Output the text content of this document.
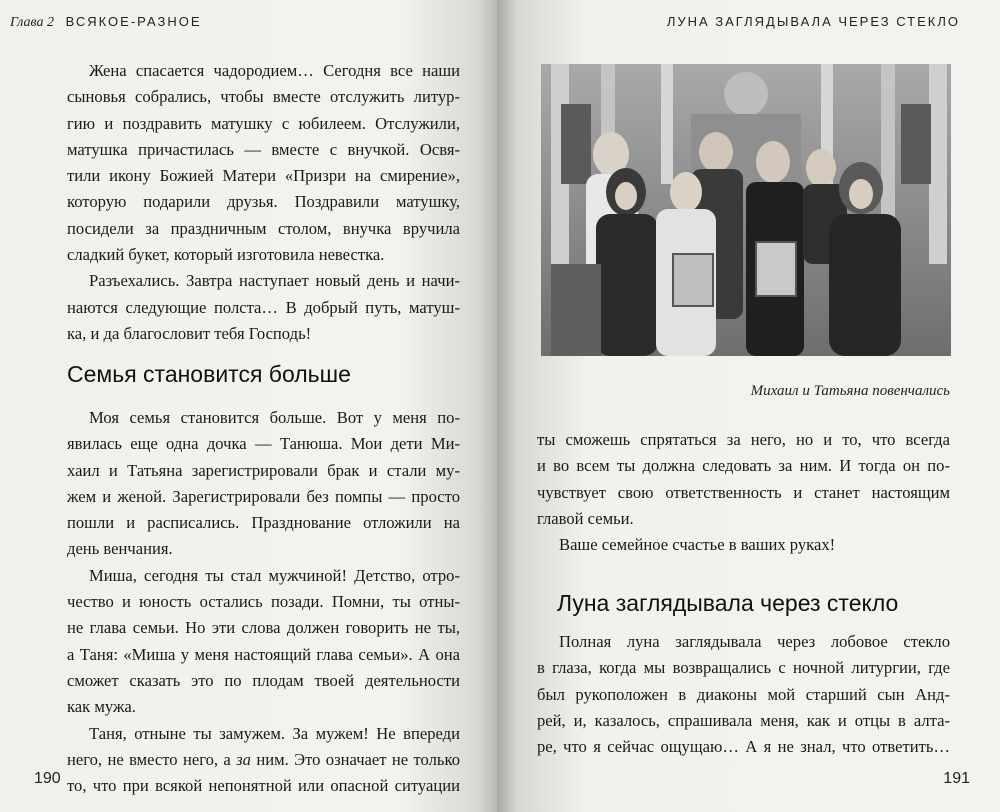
Глава 2 ВСЯКОЕ-РАЗНОЕ

Жена спасается чадородием… Сегодня все наши
сыновья собрались, чтобы вместе отслужить литур-
гию и поздравить матушку с юбилеем. Отслужили,
матушка причастилась — вместе с внучкой. Освя-
тили икону Божией Матери «Призри на смирение»,
которую подарили друзья. Поздравили матушку,
посидели за праздничным столом, внучка вручила
сладкий букет, который изготовила невестка.

Разъехались. Завтра наступает новый день и начи-
наются следующие полста… В добрый путь, матуш-
ка, и да благословит тебя Господь!

Семья становится больше

Моя семья становится больше. Вот у меня по-
явилась еще одна дочка — Танюша. Мои дети Ми-
хаил и Татьяна зарегистрировали брак и стали му-
жем и женой. Зарегистрировали без помпы — просто
пошли и расписались. Празднование отложили на
день венчания.

Миша, сегодня ты стал мужчиной! Детство, отро-
чество и юность остались позади. Помни, ты отны-
не глава семьи. Но эти слова должен говорить не ты,
а Таня: «Миша у меня настоящий глава семьи». А она
сможет сказать это по плодам твоей деятельности
как мужа.

Таня, отныне ты замужем. За мужем! Не впереди
него, не вместо него, а за ним. Это означает не только
то, что при всякой непонятной или опасной ситуации

190
ЛУНА ЗАГЛЯДЫВАЛА ЧЕРЕЗ СТЕКЛО
Михаил и Татьяна повенчались

ты сможешь спрятаться за него, но и то, что всегда
и во всем ты должна следовать за ним. И тогда он по-
чувствует свою ответственность и станет настоящим
главой семьи.

Ваше семейное счастье в ваших руках!

Луна заглядывала через стекло

Полная луна заглядывала через лобовое стекло
в глаза, когда мы возвращались с ночной литургии, где
был рукоположен в диаконы мой старший сын Анд-
рей, и, казалось, спрашивала меня, как и отцы в алта-
ре, что я сейчас ощущаю… А я не знал, что ответить…

191
